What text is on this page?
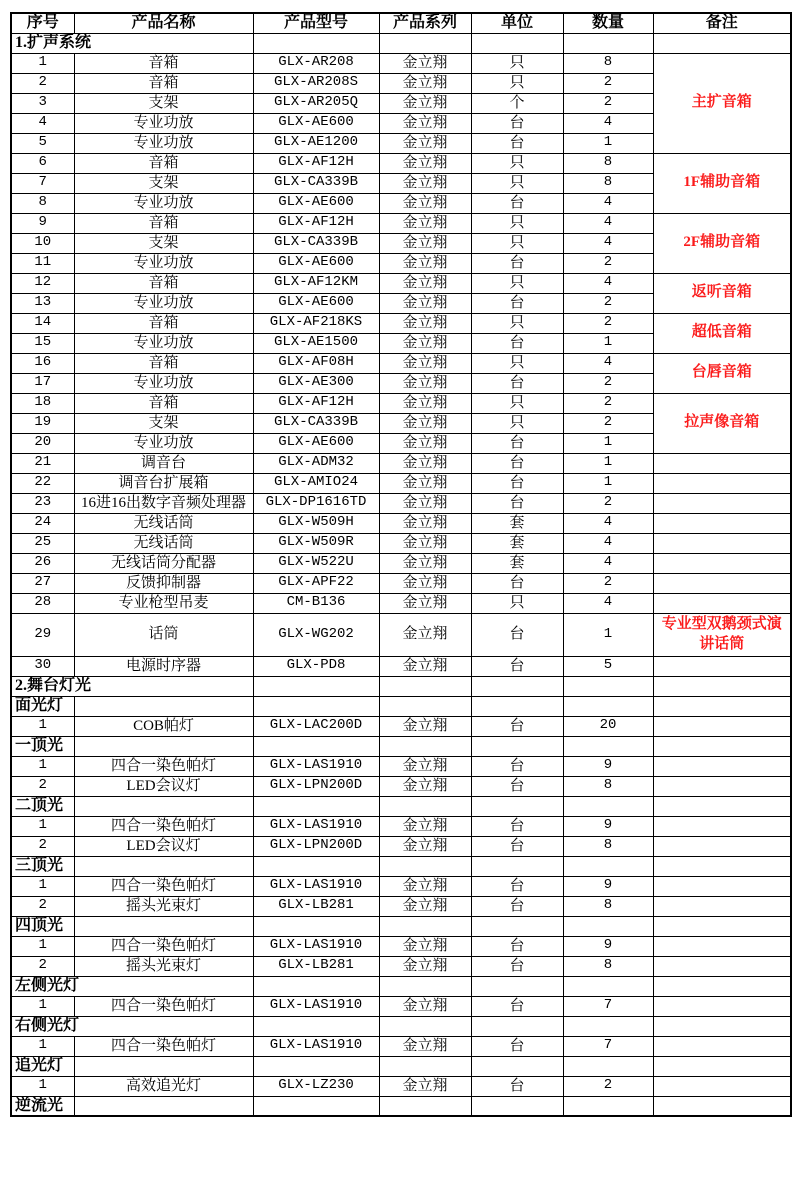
序号	产品名称	产品型号	产品系列	单位	数量	备注
1.扩声系统						
1	音箱	GLX-AR208	金立翔	只	8	主扩音箱
2	音箱	GLX-AR208S	金立翔	只	2	
3	支架	GLX-AR205Q	金立翔	个	2	
4	专业功放	GLX-AE600	金立翔	台	4	
5	专业功放	GLX-AE1200	金立翔	台	1	
6	音箱	GLX-AF12H	金立翔	只	8	1F辅助音箱
7	支架	GLX-CA339B	金立翔	只	8	
8	专业功放	GLX-AE600	金立翔	台	4	
9	音箱	GLX-AF12H	金立翔	只	4	2F辅助音箱
10	支架	GLX-CA339B	金立翔	只	4	
11	专业功放	GLX-AE600	金立翔	台	2	
12	音箱	GLX-AF12KM	金立翔	只	4	返听音箱
13	专业功放	GLX-AE600	金立翔	台	2	
14	音箱	GLX-AF218KS	金立翔	只	2	超低音箱
15	专业功放	GLX-AE1500	金立翔	台	1	
16	音箱	GLX-AF08H	金立翔	只	4	台唇音箱
17	专业功放	GLX-AE300	金立翔	台	2	
18	音箱	GLX-AF12H	金立翔	只	2	拉声像音箱
19	支架	GLX-CA339B	金立翔	只	2	
20	专业功放	GLX-AE600	金立翔	台	1	
21	调音台	GLX-ADM32	金立翔	台	1	
22	调音台扩展箱	GLX-AMIO24	金立翔	台	1	
23	16进16出数字音频处理器	GLX-DP1616TD	金立翔	台	2	
24	无线话筒	GLX-W509H	金立翔	套	4	
25	无线话筒	GLX-W509R	金立翔	套	4	
26	无线话筒分配器	GLX-W522U	金立翔	套	4	
27	反馈抑制器	GLX-APF22	金立翔	台	2	
28	专业枪型吊麦	CM-B136	金立翔	只	4	
29	话筒	GLX-WG202	金立翔	台	1	专业型双鹅颈式演讲话筒
30	电源时序器	GLX-PD8	金立翔	台	5	
2.舞台灯光						
面光灯						
1	COB帕灯	GLX-LAC200D	金立翔	台	20	
一顶光						
1	四合一染色帕灯	GLX-LAS1910	金立翔	台	9	
2	LED会议灯	GLX-LPN200D	金立翔	台	8	
二顶光						
1	四合一染色帕灯	GLX-LAS1910	金立翔	台	9	
2	LED会议灯	GLX-LPN200D	金立翔	台	8	
三顶光						
1	四合一染色帕灯	GLX-LAS1910	金立翔	台	9	
2	摇头光束灯	GLX-LB281	金立翔	台	8	
四顶光						
1	四合一染色帕灯	GLX-LAS1910	金立翔	台	9	
2	摇头光束灯	GLX-LB281	金立翔	台	8	
左侧光灯						
1	四合一染色帕灯	GLX-LAS1910	金立翔	台	7	
右侧光灯						
1	四合一染色帕灯	GLX-LAS1910	金立翔	台	7	
追光灯						
1	高效追光灯	GLX-LZ230	金立翔	台	2	
逆流光						
